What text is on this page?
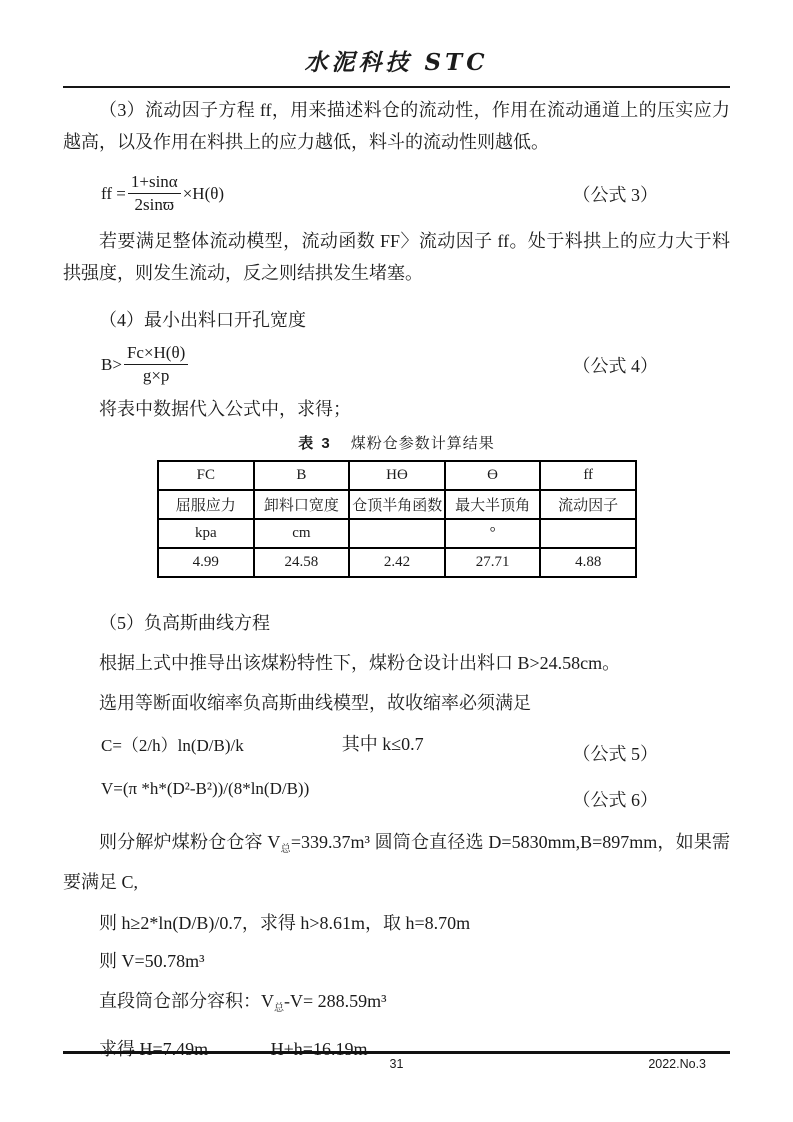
水泥科技 STC

（3）流动因子方程 ff，用来描述料仓的流动性，作用在流动通道上的压实应力越高，以及作用在料拱上的应力越低，料斗的流动性则越低。

ff = $\frac{1+\sin\alpha}{2\sin ϖ} \times H(\theta)$	（公式 3）

若要满足整体流动模型，流动函数 FF〉流动因子 ff。处于料拱上的应力大于料拱强度，则发生流动，反之则结拱发生堵塞。

（4）最小出料口开孔宽度

$B> \frac{Fc\times H(\theta)}{g\times p}$	（公式 4）

将表中数据代入公式中，求得；

表 3 煤粉仓参数计算结果
FC	B	Hϴ	ϴ	ff
屈服应力	卸料口宽度	仓顶半角函数	最大半顶角	流动因子
kpa	cm		°	
4.99	24.58	2.42	27.71	4.88

（5）负高斯曲线方程

根据上式中推导出该煤粉特性下，煤粉仓设计出料口 B>24.58cm。

选用等断面收缩率负高斯曲线模型，故收缩率必须满足

C=（2/h）ln(D/B)/k	其中 k≤0.7	（公式 5）
V=(π *h*(D²-B²))/(8*ln(D/B))
（公式 6）

则分解炉煤粉仓仓容 $V_总=339.37m^3$ 圆筒仓直径选 D=5830mm,B=897mm，如果需要满足 C,

则 h≥2*ln(D/B)/0.7，求得 h>8.61m，取 h=8.70m

则 V=50.78m³

直段筒仓部分容积：$V_总-V= 288.59m^3$

求得 H=7.49m	H+h=16.19m

31	2022.No.3
